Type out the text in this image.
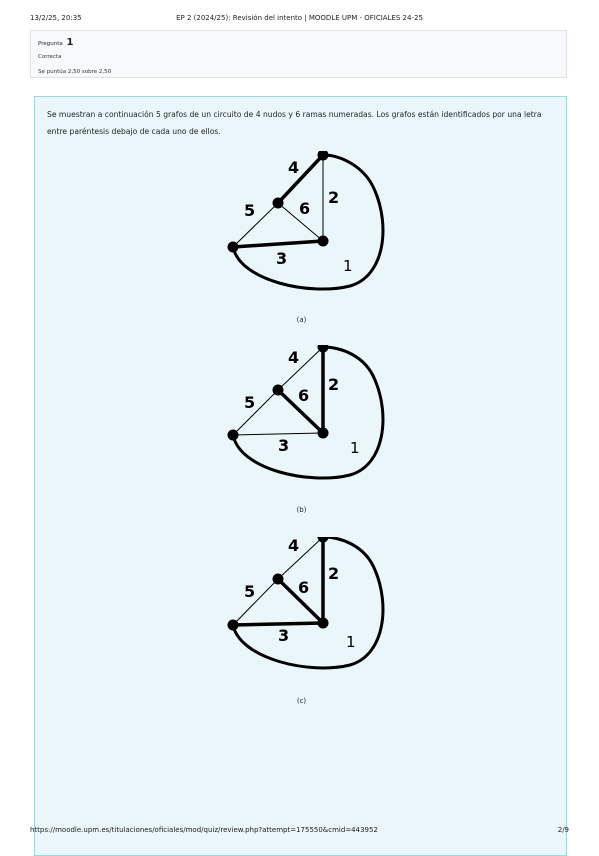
13/2/25, 20:35	EP 2 (2024/25): Revisión del intento | MOODLE UPM - OFICIALES 24-25
Pregunta 1
Correcta
Se puntúa 2,50 sobre 2,50
Se muestran a continuación 5 grafos de un circuito de 4 nudos y 6 ramas numeradas. Los grafos están identificados por una letra entre paréntesis debajo de cada uno de ellos.
1
2
3
4
5	6
(a)
1
2
3
4
5	6
(b)
1
2
3
4
5	6
(c)
https://moodle.upm.es/titulaciones/oficiales/mod/quiz/review.php?attempt=175550&cmid=443952	2/9
